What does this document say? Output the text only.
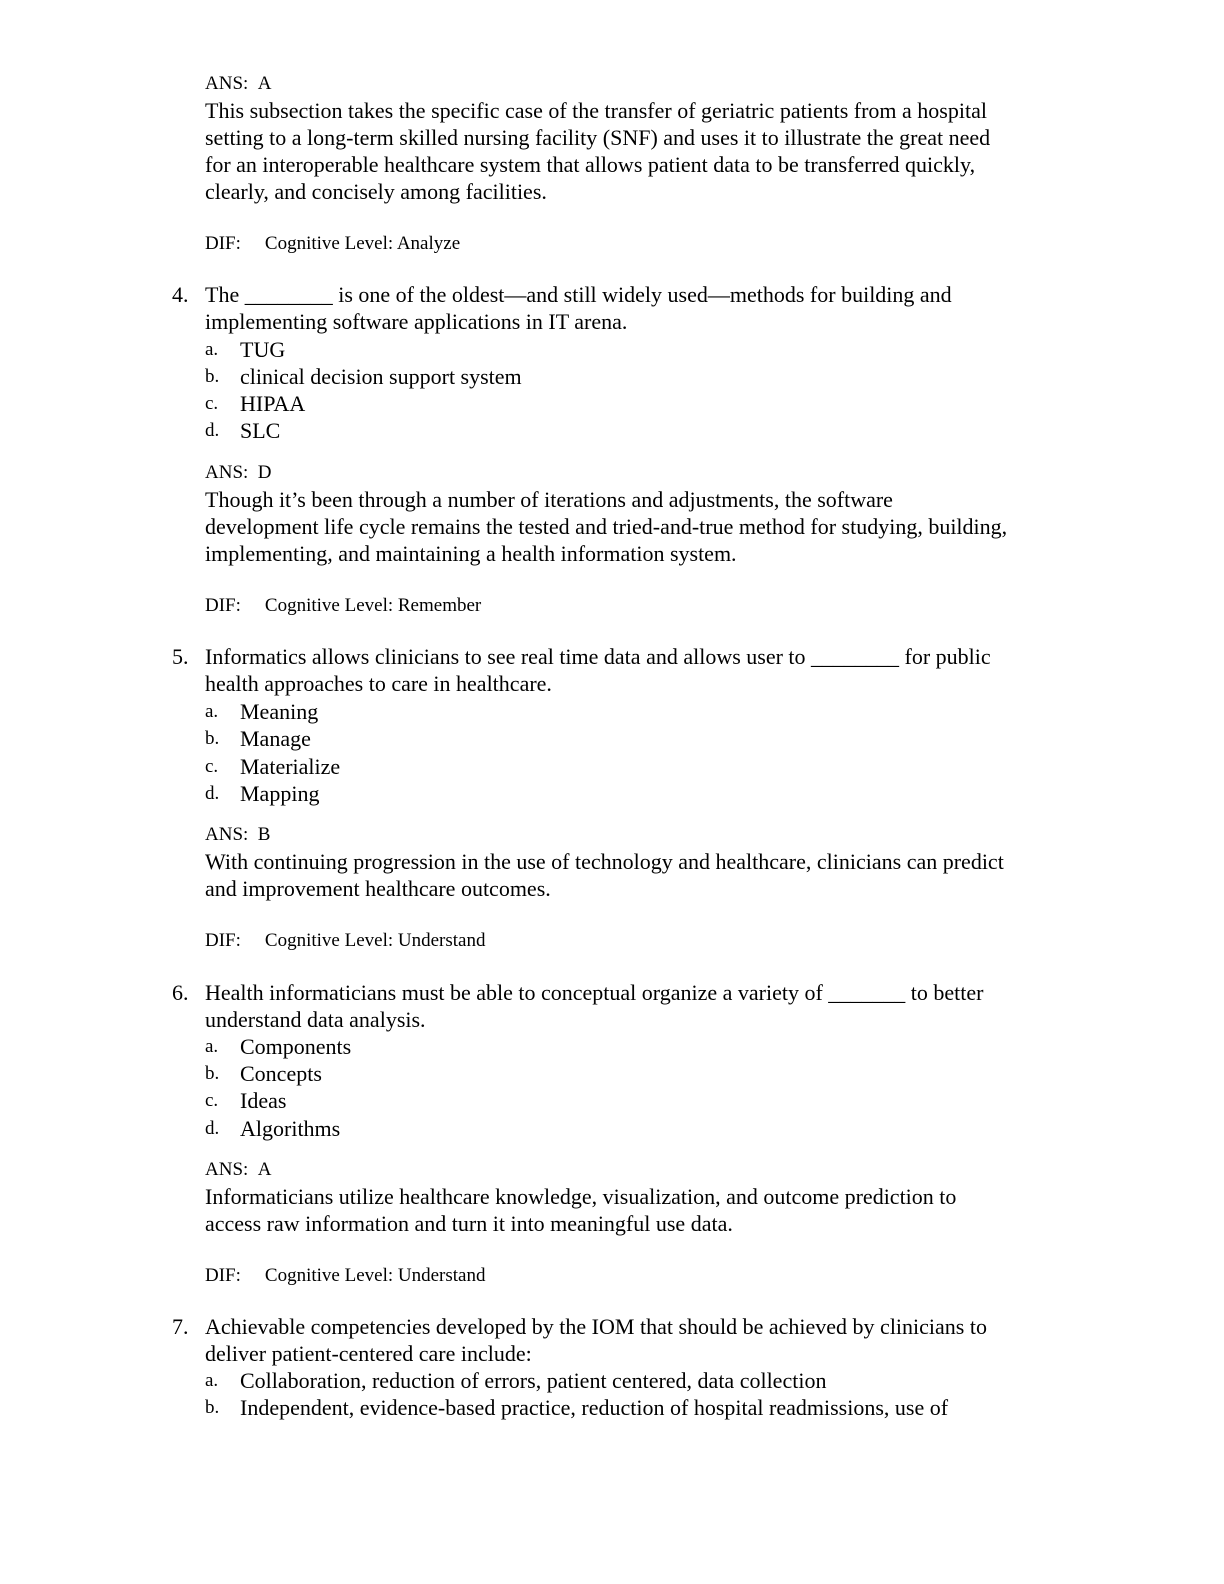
ANS: A
This subsection takes the specific case of the transfer of geriatric patients from a hospital
setting to a long-term skilled nursing facility (SNF) and uses it to illustrate the great need
for an interoperable healthcare system that allows patient data to be transferred quickly,
clearly, and concisely among facilities.
DIF: Cognitive Level: Analyze
4. The ________ is one of the oldest—and still widely used—methods for building and
implementing software applications in IT arena.
a. TUG
b. clinical decision support system
c. HIPAA
d. SLC
ANS: D
Though it’s been through a number of iterations and adjustments, the software
development life cycle remains the tested and tried-and-true method for studying, building,
implementing, and maintaining a health information system.
DIF: Cognitive Level: Remember
5. Informatics allows clinicians to see real time data and allows user to ________ for public
health approaches to care in healthcare.
a. Meaning
b. Manage
c. Materialize
d. Mapping
ANS: B
With continuing progression in the use of technology and healthcare, clinicians can predict
and improvement healthcare outcomes.
DIF: Cognitive Level: Understand
6. Health informaticians must be able to conceptual organize a variety of _______ to better
understand data analysis.
a. Components
b. Concepts
c. Ideas
d. Algorithms
ANS: A
Informaticians utilize healthcare knowledge, visualization, and outcome prediction to
access raw information and turn it into meaningful use data.
DIF: Cognitive Level: Understand
7. Achievable competencies developed by the IOM that should be achieved by clinicians to
deliver patient-centered care include:
a. Collaboration, reduction of errors, patient centered, data collection
b. Independent, evidence-based practice, reduction of hospital readmissions, use of
